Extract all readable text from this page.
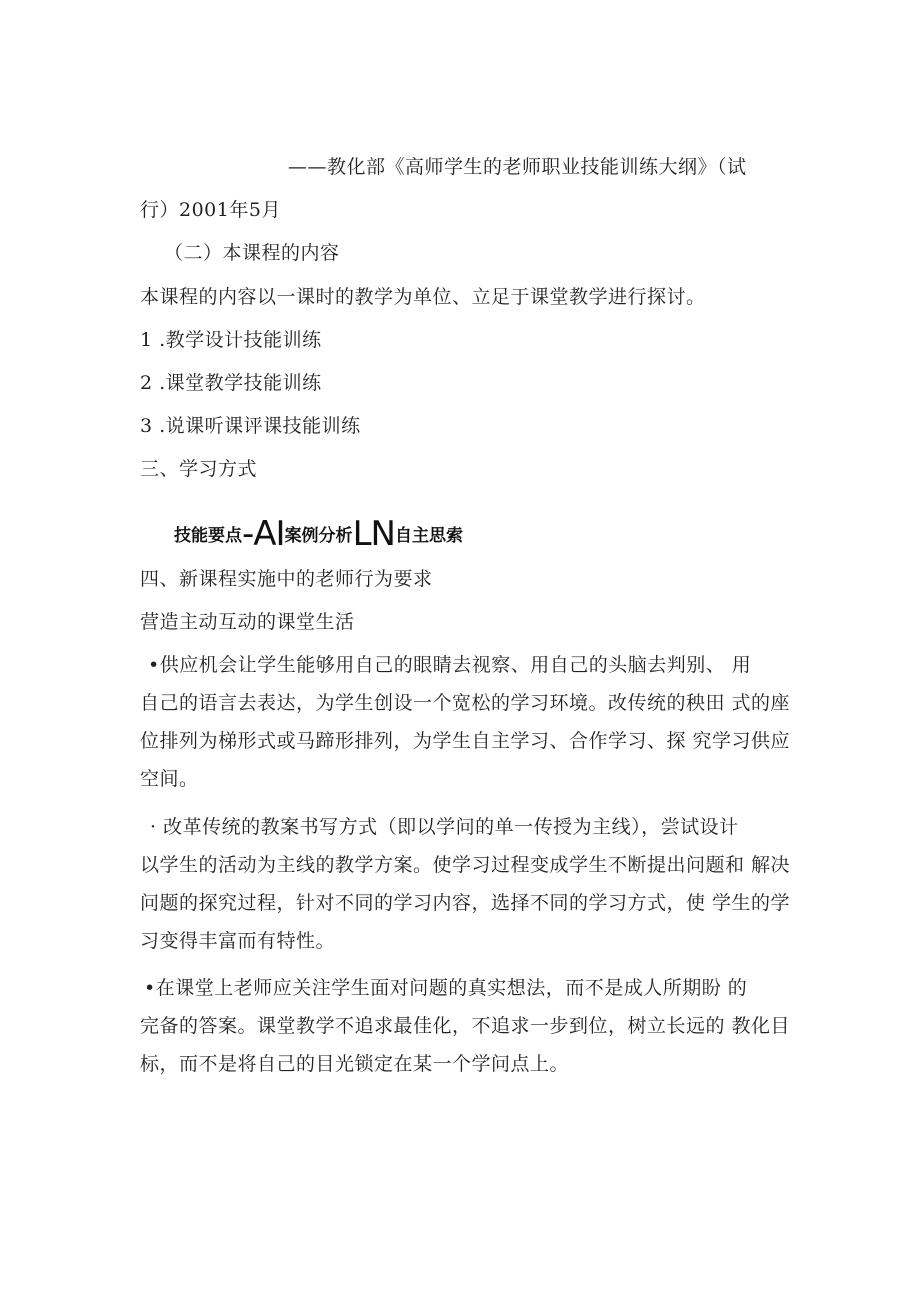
——教化部《高师学生的老师职业技能训练大纲》（试
行）2001年5月
（二）本课程的内容
本课程的内容以一课时的教学为单位、立足于课堂教学进行探讨。
1 .教学设计技能训练
2 .课堂教学技能训练
3 .说课听课评课技能训练
三、学习方式
技能要点-AI案例分析LN自主思索
四、新课程实施中的老师行为要求
营造主动互动的课堂生活
•供应机会让学生能够用自己的眼睛去视察、用自己的头脑去判别、 用
自己的语言去表达，为学生创设一个宽松的学习环境。改传统的秧田 式的座
位排列为梯形式或马蹄形排列，为学生自主学习、合作学习、探 究学习供应
空间。
· 改革传统的教案书写方式（即以学问的单一传授为主线），尝试设计
以学生的活动为主线的教学方案。使学习过程变成学生不断提出问题和 解决
问题的探究过程，针对不同的学习内容，选择不同的学习方式，使 学生的学
习变得丰富而有特性。
•在课堂上老师应关注学生面对问题的真实想法，而不是成人所期盼 的
完备的答案。课堂教学不追求最佳化，不追求一步到位，树立长远的 教化目
标，而不是将自己的目光锁定在某一个学问点上。
